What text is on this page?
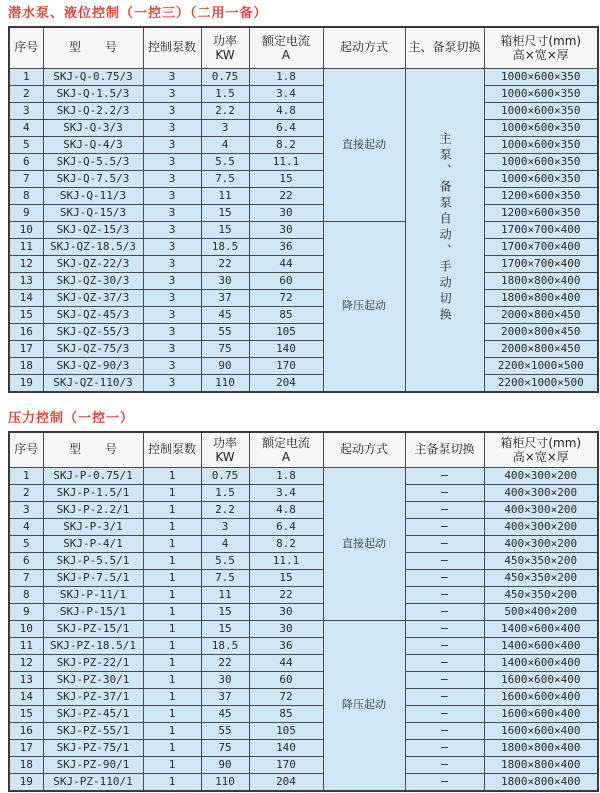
潜水泵、液位控制（一控三）（二用一备）
序号	型　　号	控制泵数	功率
KW	额定电流
A	起动方式	主、备泵切换	箱柜尺寸(mm)
高×宽×厚

1	SKJ-Q-0.75/3	3	0.75	1.8	直接起动	主泵、备泵自动、手动切换	1000×600×350
2	SKJ-Q-1.5/3	3	1.5	3.4			1000×600×350
3	SKJ-Q-2.2/3	3	2.2	4.8			1000×600×350
4	SKJ-Q-3/3	3	3	6.4			1000×600×350
5	SKJ-Q-4/3	3	4	8.2			1000×600×350
6	SKJ-Q-5.5/3	3	5.5	11.1			1000×600×350
7	SKJ-Q-7.5/3	3	7.5	15			1000×600×350
8	SKJ-Q-11/3	3	11	22			1200×600×350
9	SKJ-Q-15/3	3	15	30			1200×600×350
10	SKJ-QZ-15/3	3	15	30	降压起动		1700×700×400
11	SKJ-QZ-18.5/3	3	18.5	36			1700×700×400
12	SKJ-QZ-22/3	3	22	44			1700×700×400
13	SKJ-QZ-30/3	3	30	60			1800×800×400
14	SKJ-QZ-37/3	3	37	72			1800×800×400
15	SKJ-QZ-45/3	3	45	85			2000×800×450
16	SKJ-QZ-55/3	3	55	105			2000×800×450
17	SKJ-QZ-75/3	3	75	140			2000×800×450
18	SKJ-QZ-90/3	3	90	170			2200×1000×500
19	SKJ-QZ-110/3	3	110	204			2200×1000×500
压力控制（一控一）
序号	型　　号	控制泵数	功率
KW	额定电流
A	起动方式	主备泵切换	箱柜尺寸(mm)
高×宽×厚

1	SKJ-P-0.75/1	1	0.75	1.8	直接起动	−	400×300×200
2	SKJ-P-1.5/1	1	1.5	3.4		−	400×300×200
3	SKJ-P-2.2/1	1	2.2	4.8		−	400×300×200
4	SKJ-P-3/1	1	3	6.4		−	400×300×200
5	SKJ-P-4/1	1	4	8.2		−	400×300×200
6	SKJ-P-5.5/1	1	5.5	11.1		−	450×350×200
7	SKJ-P-7.5/1	1	7.5	15		−	450×350×200
8	SKJ-P-11/1	1	11	22		−	450×350×200
9	SKJ-P-15/1	1	15	30		−	500×400×200
10	SKJ-PZ-15/1	1	15	30	降压起动	−	1400×600×400
11	SKJ-PZ-18.5/1	1	18.5	36		−	1400×600×400
12	SKJ-PZ-22/1	1	22	44		−	1400×600×400
13	SKJ-PZ-30/1	1	30	60		−	1600×600×400
14	SKJ-PZ-37/1	1	37	72		−	1600×600×400
15	SKJ-PZ-45/1	1	45	85		−	1600×600×400
16	SKJ-PZ-55/1	1	55	105		−	1600×600×400
17	SKJ-PZ-75/1	1	75	140		−	1800×800×400
18	SKJ-PZ-90/1	1	90	170		−	1800×800×400
19	SKJ-PZ-110/1	1	110	204		−	1800×800×400
